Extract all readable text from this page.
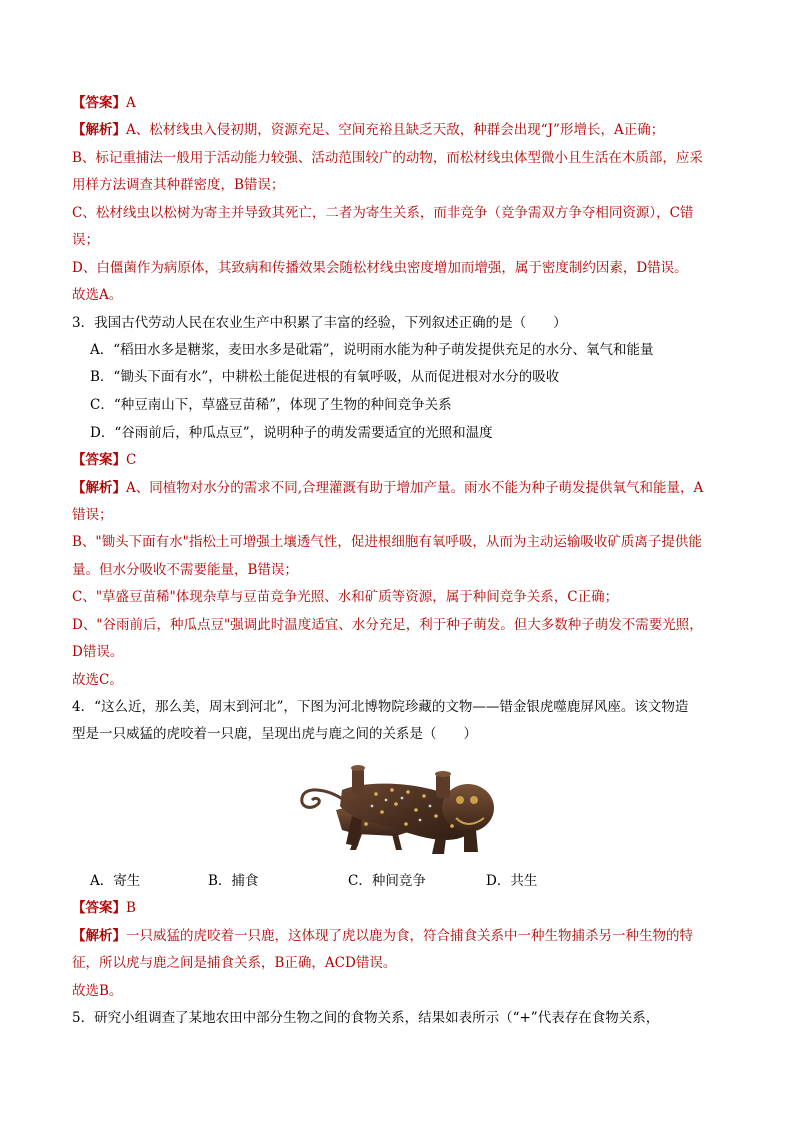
【答案】A
【解析】A、松材线虫入侵初期，资源充足、空间充裕且缺乏天敌，种群会出现“J”形增长，A正确；
B、标记重捕法一般用于活动能力较强、活动范围较广的动物，而松材线虫体型微小且生活在木质部，应采
用样方法调查其种群密度，B错误；
C、松材线虫以松树为寄主并导致其死亡，二者为寄生关系，而非竞争（竞争需双方争夺相同资源），C错
误；
D、白僵菌作为病原体，其致病和传播效果会随松材线虫密度增加而增强，属于密度制约因素，D错误。
故选A。
3．我国古代劳动人民在农业生产中积累了丰富的经验，下列叙述正确的是（　　）
A．“稻田水多是糖浆，麦田水多是砒霜”，说明雨水能为种子萌发提供充足的水分、氧气和能量
B．“锄头下面有水”，中耕松土能促进根的有氧呼吸，从而促进根对水分的吸收
C．“种豆南山下，草盛豆苗稀”，体现了生物的种间竞争关系
D．“谷雨前后，种瓜点豆”，说明种子的萌发需要适宜的光照和温度
【答案】C
【解析】A、同植物对水分的需求不同,合理灌溉有助于增加产量。雨水不能为种子萌发提供氧气和能量，A
错误；
B、"锄头下面有水"指松土可增强土壤透气性，促进根细胞有氧呼吸，从而为主动运输吸收矿质离子提供能
量。但水分吸收不需要能量，B错误；
C、"草盛豆苗稀"体现杂草与豆苗竞争光照、水和矿质等资源，属于种间竞争关系，C正确；
D、"谷雨前后，种瓜点豆"强调此时温度适宜、水分充足，利于种子萌发。但大多数种子萌发不需要光照，
D错误。
故选C。
4．“这么近，那么美，周末到河北”，下图为河北博物院珍藏的文物——错金银虎噬鹿屏风座。该文物造
型是一只威猛的虎咬着一只鹿，呈现出虎与鹿之间的关系是（　　）
A．寄生	B．捕食	C．种间竞争	D．共生
【答案】B
【解析】一只威猛的虎咬着一只鹿，这体现了虎以鹿为食，符合捕食关系中一种生物捕杀另一种生物的特
征，所以虎与鹿之间是捕食关系，B正确，ACD错误。
故选B。
5．研究小组调查了某地农田中部分生物之间的食物关系，结果如表所示（“+”代表存在食物关系，
